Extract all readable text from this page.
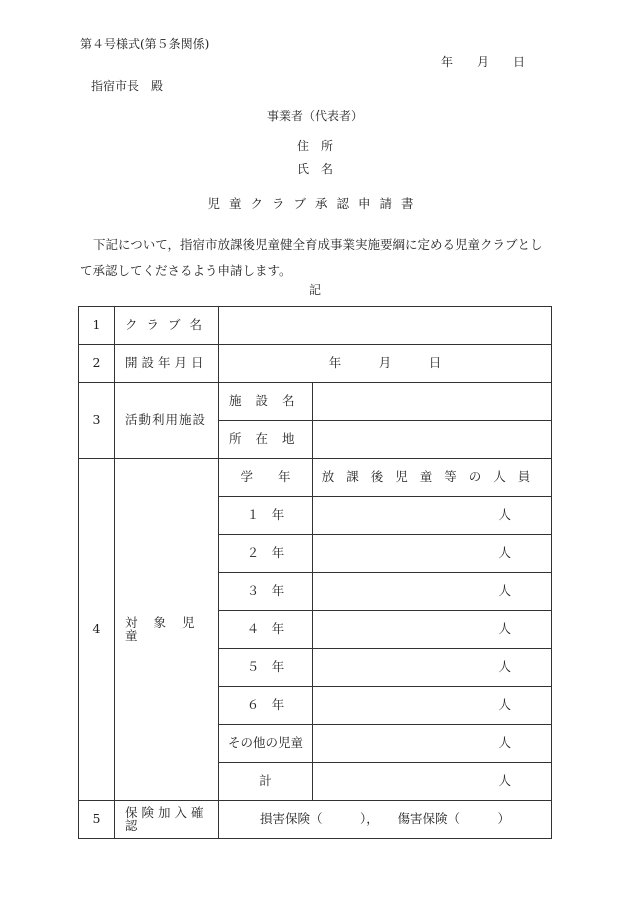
第４号様式(第５条関係)
年　　月　　日
指宿市長　殿
事業者（代表者）
住　所
氏　名
児童クラブ承認申請書
下記について，指宿市放課後児童健全育成事業実施要綱に定める児童クラブとして承認してくださるよう申請します。
記
1	クラブ名		
2	開設年月日	年　　　月　　　日	
3	活動利用施設	施設名	
		所在地	
4	対象児童	学　　年	放課後児童等の人員
		１　年	人
		２　年	人
		３　年	人
		４　年	人
		５　年	人
		６　年	人
		その他の児童	人
		計	人
5	保険加入確認	損害保険（　　　），　　傷害保険（　　　）	
